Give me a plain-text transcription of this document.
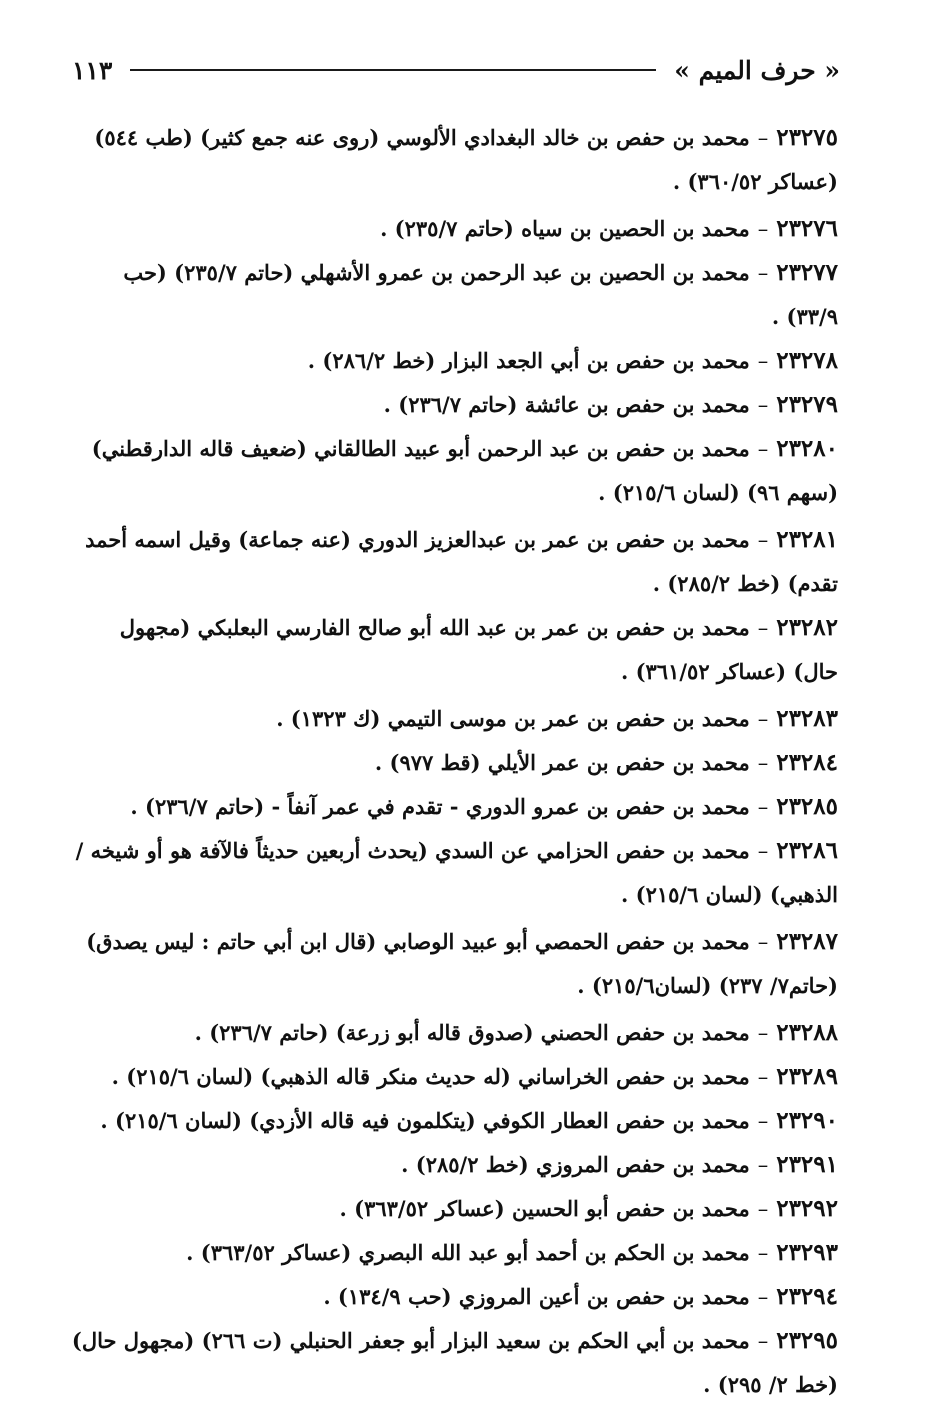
« حرف الميم »
١١٣
٢٣٢٧٥–محمد بن حفص بن خالد البغدادي الألوسي (روى عنه جمع كثير) (طب ٥٤٤) (عساكر ٣٦٠/٥٢) .
٢٣٢٧٦–محمد بن الحصين بن سياه (حاتم ٢٣٥/٧) .
٢٣٢٧٧–محمد بن الحصين بن عبد الرحمن بن عمرو الأشهلي (حاتم ٢٣٥/٧) (حب ٣٣/٩) .
٢٣٢٧٨–محمد بن حفص بن أبي الجعد البزار (خط ٢٨٦/٢) .
٢٣٢٧٩–محمد بن حفص بن عائشة (حاتم ٢٣٦/٧) .
٢٣٢٨٠–محمد بن حفص بن عبد الرحمن أبو عبيد الطالقاني (ضعيف قاله الدارقطني) (سهم ٩٦) (لسان ٢١٥/٦) .
٢٣٢٨١–محمد بن حفص بن عمر بن عبدالعزيز الدوري (عنه جماعة) وقيل اسمه أحمد تقدم) (خط ٢٨٥/٢) .
٢٣٢٨٢–محمد بن حفص بن عمر بن عبد الله أبو صالح الفارسي البعلبكي (مجهول حال) (عساكر ٣٦١/٥٢) .
٢٣٢٨٣–محمد بن حفص بن عمر بن موسى التيمي (ك ١٣٢٣) .
٢٣٢٨٤–محمد بن حفص بن عمر الأيلي (قط ٩٧٧) .
٢٣٢٨٥–محمد بن حفص بن عمرو الدوري - تقدم في عمر آنفاً - (حاتم ٢٣٦/٧) .
٢٣٢٨٦–محمد بن حفص الحزامي عن السدي (يحدث أربعين حديثاً فالآفة هو أو شيخه / الذهبي) (لسان ٢١٥/٦) .
٢٣٢٨٧–محمد بن حفص الحمصي أبو عبيد الوصابي (قال ابن أبي حاتم : ليس يصدق) (حاتم٧/ ٢٣٧) (لسان٢١٥/٦) .
٢٣٢٨٨–محمد بن حفص الحصني (صدوق قاله أبو زرعة) (حاتم ٢٣٦/٧) .
٢٣٢٨٩–محمد بن حفص الخراساني (له حديث منكر قاله الذهبي) (لسان ٢١٥/٦) .
٢٣٢٩٠–محمد بن حفص العطار الكوفي (يتكلمون فيه قاله الأزدي) (لسان ٢١٥/٦) .
٢٣٢٩١–محمد بن حفص المروزي (خط ٢٨٥/٢) .
٢٣٢٩٢–محمد بن حفص أبو الحسين (عساكر ٣٦٣/٥٢) .
٢٣٢٩٣–محمد بن الحكم بن أحمد أبو عبد الله البصري (عساكر ٣٦٣/٥٢) .
٢٣٢٩٤–محمد بن حفص بن أعين المروزي (حب ١٣٤/٩) .
٢٣٢٩٥–محمد بن أبي الحكم بن سعيد البزار أبو جعفر الحنبلي (ت ٢٦٦) (مجهول حال) (خط ٢/ ٢٩٥) .
